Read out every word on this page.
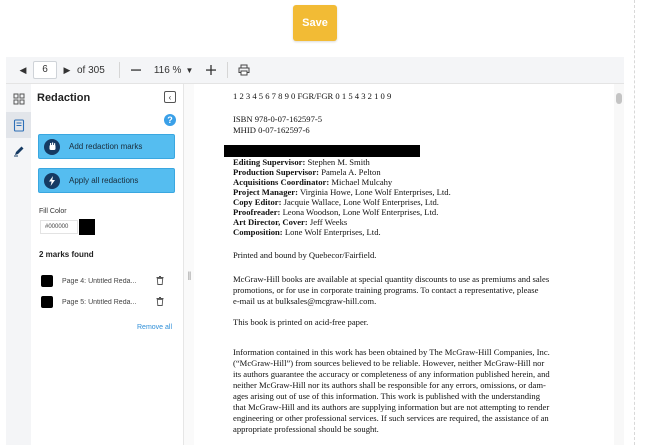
Save
◀	6	▶ of 305	116 % ▼
Redaction	‹
?
Add redaction marks
Apply all redactions
Fill Color
#000000
2 marks found
Page 4: Untitled Reda...
Page 5: Untitled Reda...
Remove all
||
1 2 3 4 5 6 7 8 9 0 FGR/FGR 0 1 5 4 3 2 1 0 9
ISBN 978-0-07-162597-5
MHID 0-07-162597-6
Editing Supervisor: Stephen M. Smith
Production Supervisor: Pamela A. Pelton
Acquisitions Coordinator: Michael Mulcahy
Project Manager: Virginia Howe, Lone Wolf Enterprises, Ltd.
Copy Editor: Jacquie Wallace, Lone Wolf Enterprises, Ltd.
Proofreader: Leona Woodson, Lone Wolf Enterprises, Ltd.
Art Director, Cover: Jeff Weeks
Composition: Lone Wolf Enterprises, Ltd.
Printed and bound by Quebecor/Fairfield.
McGraw-Hill books are available at special quantity discounts to use as premiums and sales
promotions, or for use in corporate training programs. To contact a representative, please
e-mail us at bulksales@mcgraw-hill.com.
This book is printed on acid-free paper.
Information contained in this work has been obtained by The McGraw-Hill Companies, Inc.
(“McGraw-Hill”) from sources believed to be reliable. However, neither McGraw-Hill nor
its authors guarantee the accuracy or completeness of any information published herein, and
neither McGraw-Hill nor its authors shall be responsible for any errors, omissions, or dam-
ages arising out of use of this information. This work is published with the understanding
that McGraw-Hill and its authors are supplying information but are not attempting to render
engineering or other professional services. If such services are required, the assistance of an
appropriate professional should be sought.
